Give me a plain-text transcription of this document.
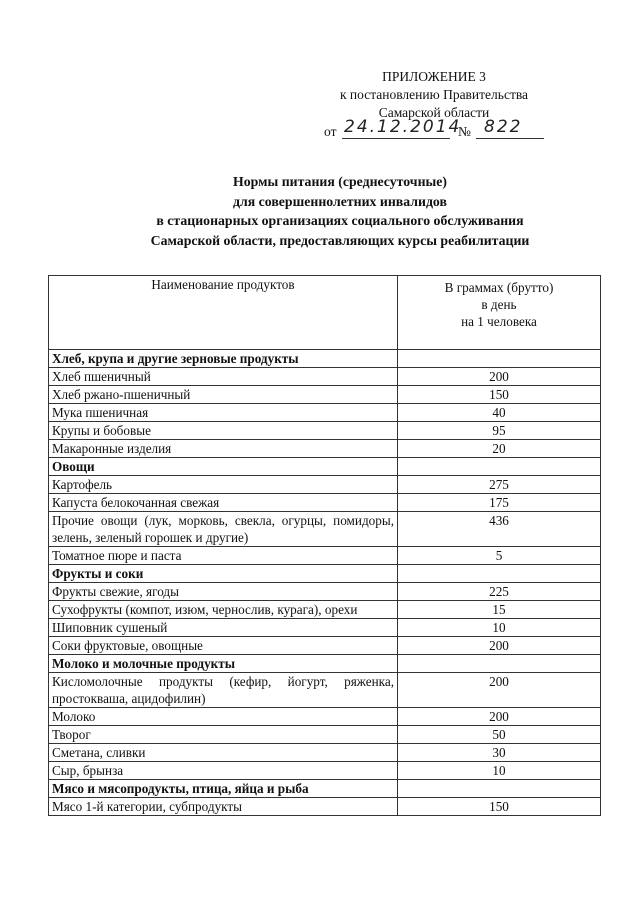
ПРИЛОЖЕНИЕ 3
к постановлению Правительства
Самарской области
от 24.12.2014
№ 822
Нормы питания (среднесуточные)
для совершеннолетних инвалидов
в стационарных организациях социального обслуживания
Самарской области, предоставляющих курсы реабилитации
Наименование продуктов	В граммах (брутто)
в день
на 1 человека

Хлеб, крупа и другие зерновые продукты	
Хлеб пшеничный	200
Хлеб ржано-пшеничный	150
Мука пшеничная	40
Крупы и бобовые	95
Макаронные изделия	20
Овощи	
Картофель	275
Капуста белокочанная свежая	175
Прочие овощи (лук, морковь, свекла, огурцы, помидоры, зелень, зеленый горошек и другие)	436
Томатное пюре и паста	5
Фрукты и соки	
Фрукты свежие, ягоды	225
Сухофрукты (компот, изюм, чернослив, курага), орехи	15
Шиповник сушеный	10
Соки фруктовые, овощные	200
Молоко и молочные продукты	
Кисломолочные продукты (кефир, йогурт, ряженка, простокваша, ацидофилин)	200
Молоко	200
Творог	50
Сметана, сливки	30
Сыр, брынза	10
Мясо и мясопродукты, птица, яйца и рыба	
Мясо 1-й категории, субпродукты	150
